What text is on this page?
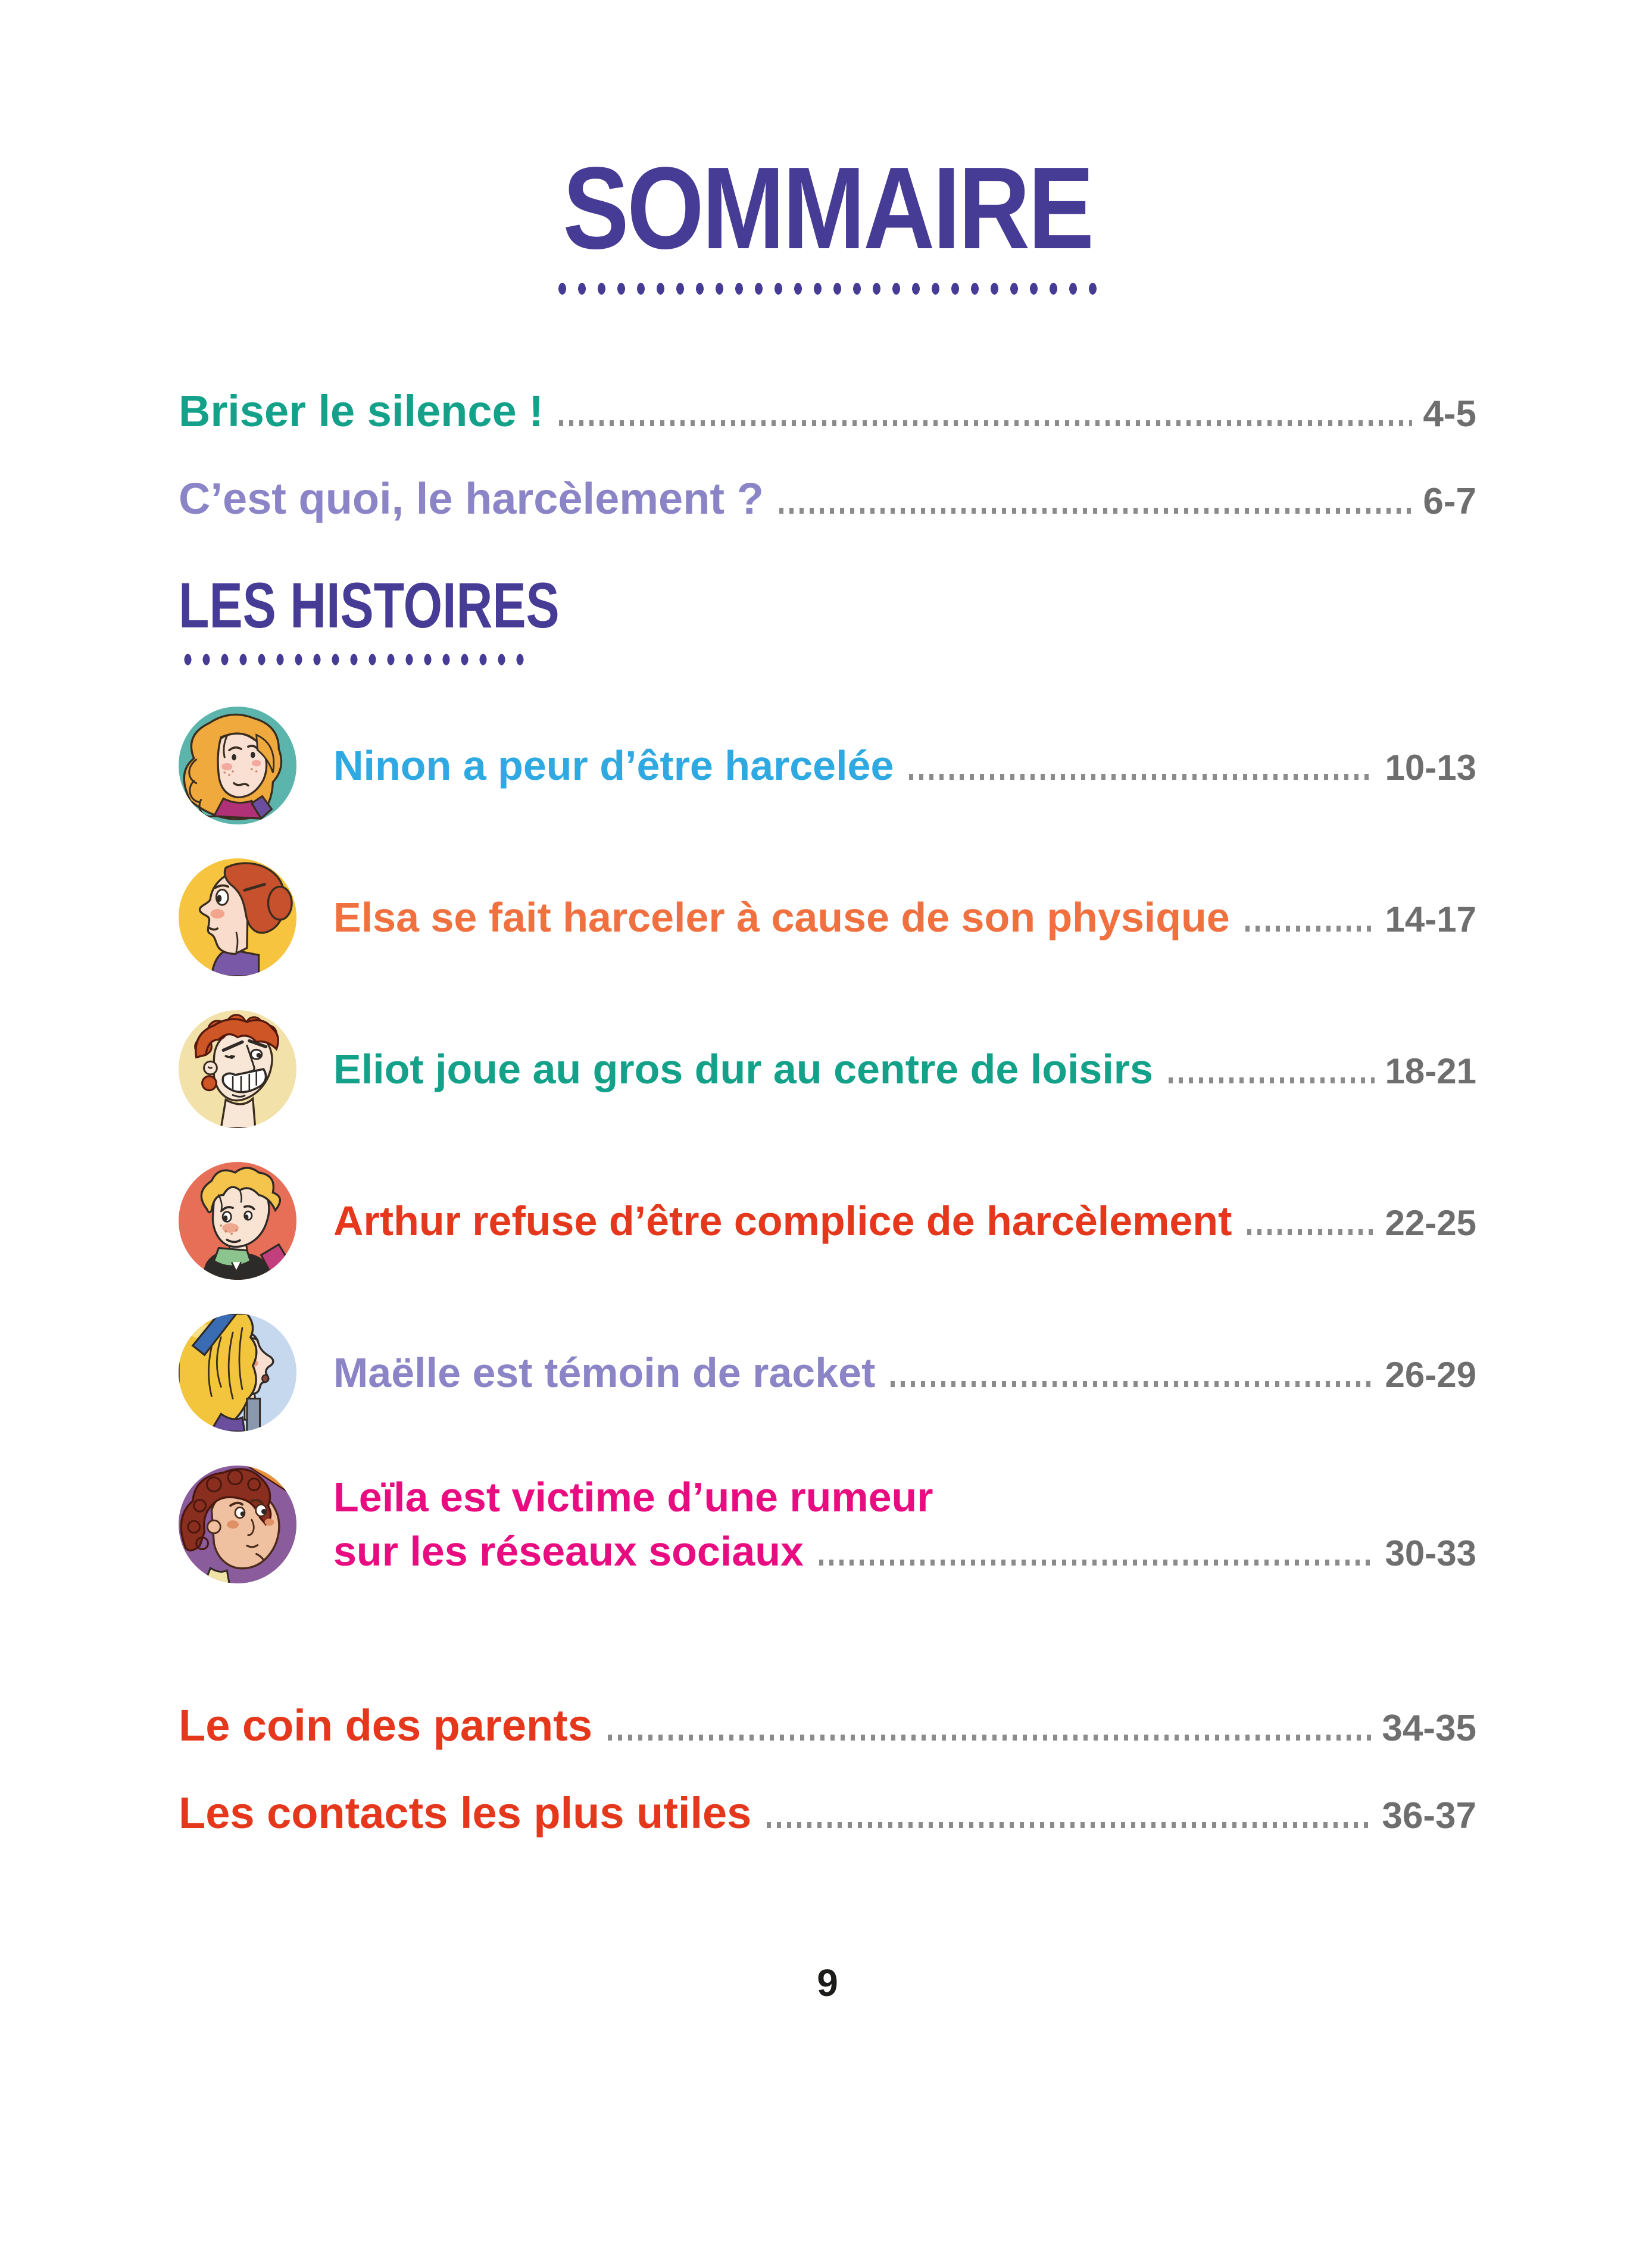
SOMMAIRE
Briser le silence !	4-5
C’est quoi, le harcèlement ?	6-7
LES HISTOIRES
Ninon a peur d’être harcelée	10-13
Elsa se fait harceler à cause de son physique	14-17
Eliot joue au gros dur au centre de loisirs	18-21
Arthur refuse d’être complice de harcèlement	22-25
Maëlle est témoin de racket	26-29
Leïla est victime d’une rumeur
sur les réseaux sociaux	30-33
Le coin des parents	34-35
Les contacts les plus utiles	36-37
9
